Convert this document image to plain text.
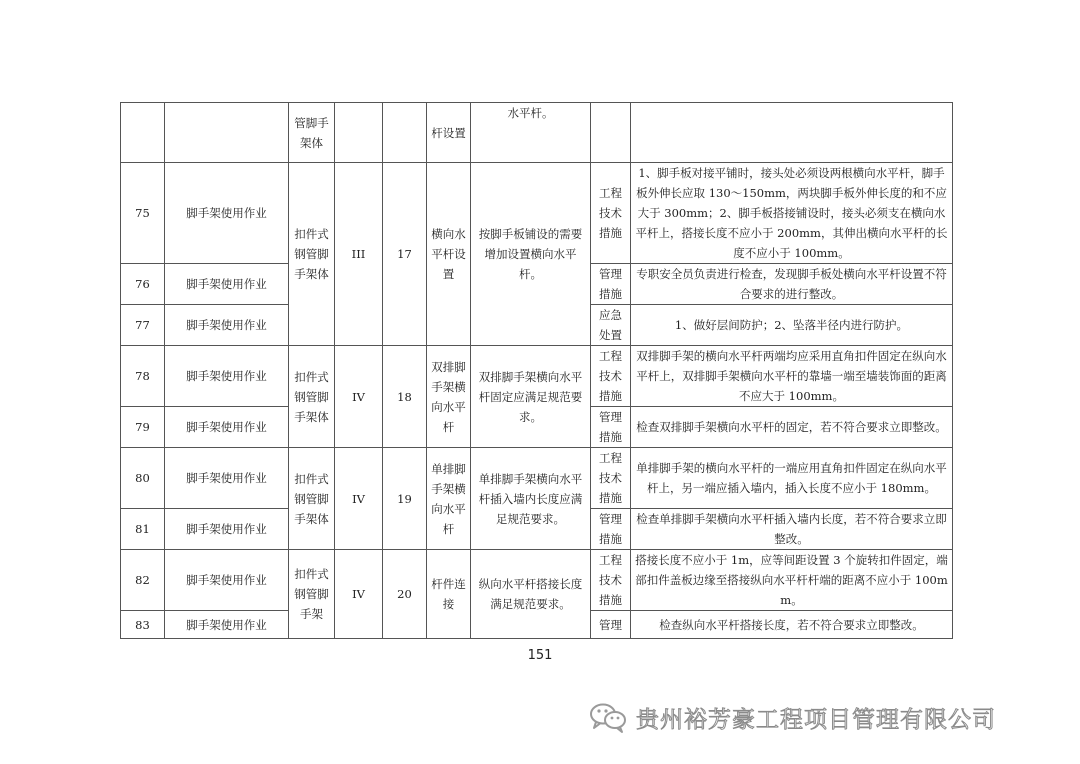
		管脚手架体			杆设置	水平杆。		
75	脚手架使用作业	扣件式钢管脚手架体	III	17	横向水平杆设置	按脚手板铺设的需要增加设置横向水平杆。	工程技术措施	1、脚手板对接平铺时，接头处必须设两根横向水平杆，脚手板外伸长应取 130～150mm，两块脚手板外伸长度的和不应大于 300mm；2、脚手板搭接铺设时，接头必须支在横向水平杆上，搭接长度不应小于 200mm，其伸出横向水平杆的长度不应小于 100mm。
76	脚手架使用作业						管理措施	专职安全员负责进行检查，发现脚手板处横向水平杆设置不符合要求的进行整改。
77	脚手架使用作业						应急处置	1、做好层间防护；2、坠落半径内进行防护。
78	脚手架使用作业	扣件式钢管脚手架体	IV	18	双排脚手架横向水平杆	双排脚手架横向水平杆固定应满足规范要求。	工程技术措施	双排脚手架的横向水平杆两端均应采用直角扣件固定在纵向水平杆上，双排脚手架横向水平杆的靠墙一端至墙装饰面的距离不应大于 100mm。
79	脚手架使用作业						管理措施	检查双排脚手架横向水平杆的固定，若不符合要求立即整改。
80	脚手架使用作业	扣件式钢管脚手架体	IV	19	单排脚手架横向水平杆	单排脚手架横向水平杆插入墙内长度应满足规范要求。	工程技术措施	单排脚手架的横向水平杆的一端应用直角扣件固定在纵向水平杆上，另一端应插入墙内，插入长度不应小于 180mm。
81	脚手架使用作业						管理措施	检查单排脚手架横向水平杆插入墙内长度，若不符合要求立即整改。
82	脚手架使用作业	扣件式钢管脚手架	IV	20	杆件连接	纵向水平杆搭接长度满足规范要求。	工程技术措施	搭接长度不应小于 1m，应等间距设置 3 个旋转扣件固定，端部扣件盖板边缘至搭接纵向水平杆杆端的距离不应小于 100mm。
83	脚手架使用作业						管理	检查纵向水平杆搭接长度，若不符合要求立即整改。
151
贵州裕芳豪工程项目管理有限公司
